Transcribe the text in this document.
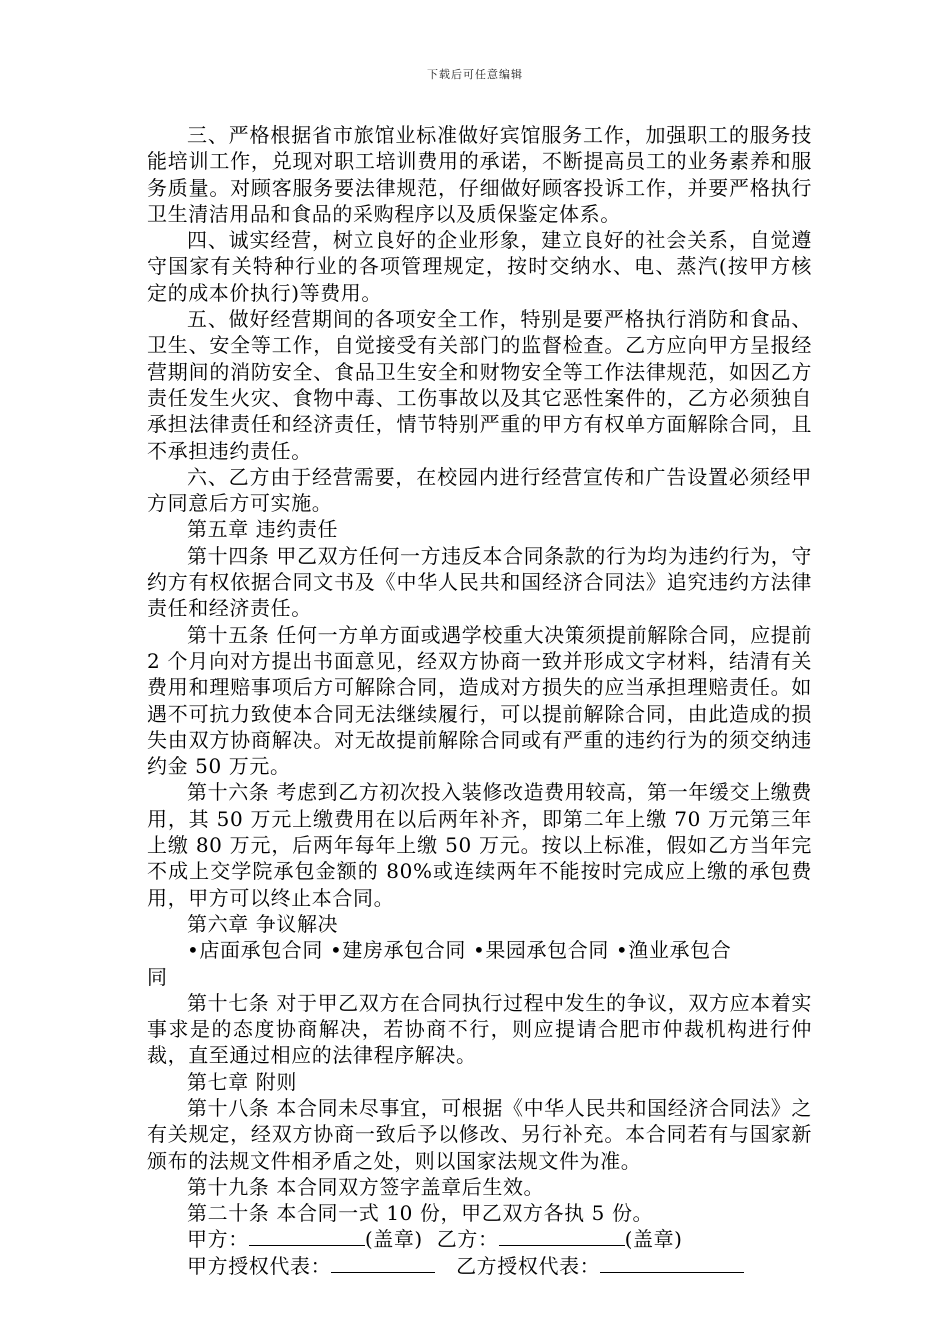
下载后可任意编辑

三、严格根据省市旅馆业标准做好宾馆服务工作，加强职工的服务技能培训工作，兑现对职工培训费用的承诺，不断提高员工的业务素养和服务质量。对顾客服务要法律规范，仔细做好顾客投诉工作，并要严格执行卫生清洁用品和食品的采购程序以及质保鉴定体系。

四、诚实经营，树立良好的企业形象，建立良好的社会关系，自觉遵守国家有关特种行业的各项管理规定，按时交纳水、电、蒸汽(按甲方核定的成本价执行)等费用。

五、做好经营期间的各项安全工作，特别是要严格执行消防和食品、卫生、安全等工作，自觉接受有关部门的监督检查。乙方应向甲方呈报经营期间的消防安全、食品卫生安全和财物安全等工作法律规范，如因乙方责任发生火灾、食物中毒、工伤事故以及其它恶性案件的，乙方必须独自承担法律责任和经济责任，情节特别严重的甲方有权单方面解除合同，且不承担违约责任。

六、乙方由于经营需要，在校园内进行经营宣传和广告设置必须经甲方同意后方可实施。

第五章 违约责任

第十四条 甲乙双方任何一方违反本合同条款的行为均为违约行为，守约方有权依据合同文书及《中华人民共和国经济合同法》追究违约方法律责任和经济责任。

第十五条 任何一方单方面或遇学校重大决策须提前解除合同，应提前 2 个月向对方提出书面意见，经双方协商一致并形成文字材料，结清有关费用和理赔事项后方可解除合同，造成对方损失的应当承担理赔责任。如遇不可抗力致使本合同无法继续履行，可以提前解除合同，由此造成的损失由双方协商解决。对无故提前解除合同或有严重的违约行为的须交纳违约金 50 万元。

第十六条 考虑到乙方初次投入装修改造费用较高，第一年缓交上缴费用，其 50 万元上缴费用在以后两年补齐，即第二年上缴 70 万元第三年上缴 80 万元，后两年每年上缴 50 万元。按以上标准，假如乙方当年完不成上交学院承包金额的 80%或连续两年不能按时完成应上缴的承包费用，甲方可以终止本合同。

第六章 争议解决

•店面承包合同 •建房承包合同 •果园承包合同 •渔业承包合

同

第十七条 对于甲乙双方在合同执行过程中发生的争议，双方应本着实事求是的态度协商解决，若协商不行，则应提请合肥市仲裁机构进行仲裁，直至通过相应的法律程序解决。

第七章 附则

第十八条 本合同未尽事宜，可根据《中华人民共和国经济合同法》之有关规定，经双方协商一致后予以修改、另行补充。本合同若有与国家新颁布的法规文件相矛盾之处，则以国家法规文件为准。

第十九条 本合同双方签字盖章后生效。

第二十条 本合同一式 10 份，甲乙双方各执 5 份。

甲方：	(盖章) 乙方：	(盖章)

甲方授权代表：	乙方授权代表：
